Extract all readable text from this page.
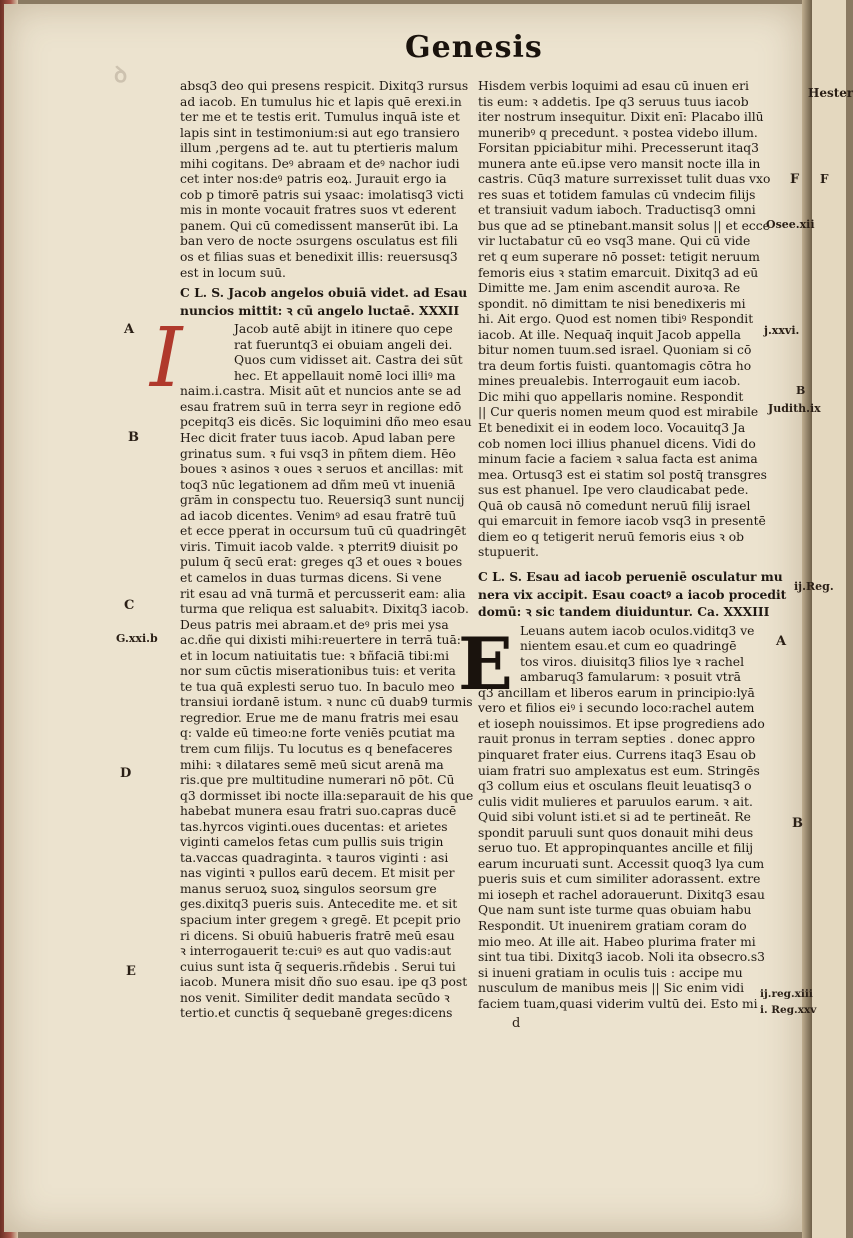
ꝺ
Hester
F
Genesis

absq3 deo qui presens respicit. Dixitq3 rursus

ad iacob. En tumulus hic et lapis quē erexi.in

ter me et te testis erit. Tumulus inquā iste et

lapis sint in testimonium:si aut ego transiero

illum ,pergens ad te. aut tu ptertieris malum

mihi cogitans. Deꝰ abraam et deꝰ nachor iudi

cet inter nos:deꝰ patris eoꝝ. Jurauit ergo ia

cob p timorē patris sui ysaac: imolatisq3 victi

mis in monte vocauit fratres suos vt ederent

panem. Qui cū comedissent manserūt ibi. La

ban vero de nocte ɔsurgens osculatus est fili

os et filias suas et benedixit illis: reuersusq3

est in locum suū.

C L. S. Jacob angelos obuiā videt. ad Esau

nuncios mittit: ꝛ cū angelo luctaē. XXXII

Jacob autē abijt in itinere quo cepe

rat fueruntq3 ei obuiam angeli dei.

Quos cum vidisset ait. Castra dei sūt

hec. Et appellauit nomē loci illiꝰ ma

naim.i.castra. Misit aūt et nuncios ante se ad

esau fratrem suū in terra seyr in regione edō

pcepitq3 eis dicēs. Sic loquimini dño meo esau

Hec dicit frater tuus iacob. Apud laban pere

grinatus sum. ꝛ fui vsq3 in pñtem diem. Hēo

boues ꝛ asinos ꝛ oues ꝛ seruos et ancillas: mit

toq3 nūc legationem ad dñm meū vt inueniā

grām in conspectu tuo. Reuersiq3 sunt nuncij

ad iacob dicentes. Venimꝰ ad esau fratrē tuū

et ecce pperat in occursum tuū cū quadringēt

viris. Timuit iacob valde. ꝛ pterrit9 diuisit po

pulum q̄ secū erat: greges q3 et oues ꝛ boues

et camelos in duas turmas dicens. Si vene

rit esau ad vnā turmā et percusserit eam: alia

turma que reliqua est saluabitꝛ. Dixitq3 iacob.

Deus patris mei abraam.et deꝰ pris mei ysa

ac.dñe qui dixisti mihi:reuertere in terrā tuā:

et in locum natiuitatis tue: ꝛ bñfaciā tibi:mi

nor sum cūctis miserationibus tuis: et verita

te tua quā explesti seruo tuo. In baculo meo

transiui iordanē istum. ꝛ nunc cū duab9 turmis

regredior. Erue me de manu fratris mei esau

q: valde eū timeo:ne forte veniēs pcutiat ma

trem cum filijs. Tu locutus es q benefaceres

mihi: ꝛ dilatares semē meū sicut arenā ma

ris.que pre multitudine numerari nō pōt. Cū

q3 dormisset ibi nocte illa:separauit de his que

habebat munera esau fratri suo.capras ducē

tas.hyrcos viginti.oues ducentas: et arietes

viginti camelos fetas cum pullis suis trigin

ta.vaccas quadraginta. ꝛ tauros viginti : asi

nas viginti ꝛ pullos earū decem. Et misit per

manus seruoꝝ suoꝝ singulos seorsum gre

ges.dixitq3 pueris suis. Antecedite me. et sit

spacium inter gregem ꝛ gregē. Et pcepit prio

ri dicens. Si obuiū habueris fratrē meū esau

ꝛ interrogauerit te:cuiꝰ es aut quo vadis:aut

cuius sunt ista q̄ sequeris.rñdebis . Serui tui

iacob. Munera misit dño suo esau. ipe q3 post

nos venit. Similiter dedit mandata secūdo ꝛ

tertio.et cunctis q̄ sequebanē greges:dicens

Hisdem verbis loquimi ad esau cū inuen eri

tis eum: ꝛ addetis. Ipe q3 seruus tuus iacob

iter nostrum insequitur. Dixit enī: Placabo illū

muneribꝰ q precedunt. ꝛ postea videbo illum.

Forsitan ppiciabitur mihi. Precesserunt itaq3

munera ante eū.ipse vero mansit nocte illa in

castris. Cūq3 mature surrexisset tulit duas vxo

res suas et totidem famulas cū vndecim filijs

et transiuit vadum iaboch. Traductisq3 omni

bus que ad se ptinebant.mansit solus || et ecce

vir luctabatur cū eo vsq3 mane. Qui cū vide

ret q eum superare nō posset: tetigit neruum

femoris eius ꝛ statim emarcuit. Dixitq3 ad eū

Dimitte me. Jam enim ascendit auroꝛa. Re

spondit. nō dimittam te nisi benedixeris mi

hi. Ait ergo. Quod est nomen tibiꝰ Respondit

iacob. At ille. Nequaq̄ inquit Jacob appella

bitur nomen tuum.sed israel. Quoniam si cō

tra deum fortis fuisti. quantomagis cōtra ho

mines preualebis. Interrogauit eum iacob.

Dic mihi quo appellaris nomine. Respondit

|| Cur queris nomen meum quod est mirabile

Et benedixit ei in eodem loco. Vocauitq3 Ja

cob nomen loci illius phanuel dicens. Vidi do

minum facie a faciem ꝛ salua facta est anima

mea. Ortusq3 est ei statim sol postq̄ transgres

sus est phanuel. Ipe vero claudicabat pede.

Quā ob causā nō comedunt neruū filij israel

qui emarcuit in femore iacob vsq3 in presentē

diem eo q tetigerit neruū femoris eius ꝛ ob

stupuerit.

C L. S. Esau ad iacob perueniē osculatur mu

nera vix accipit. Esau coactꝰ a iacob procedit

domū: ꝛ sic tandem diuiduntur. Ca. XXXIII

Leuans autem iacob oculos.viditq3 ve

nientem esau.et cum eo quadringē

tos viros. diuisitq3 filios lye ꝛ rachel

ambaruq3 famularum: ꝛ posuit vtrā

q3 ancillam et liberos earum in principio:lyā

vero et filios eiꝰ i secundo loco:rachel autem

et ioseph nouissimos. Et ipse progrediens ado

rauit pronus in terram septies . donec appro

pinquaret frater eius. Currens itaq3 Esau ob

uiam fratri suo amplexatus est eum. Stringēs

q3 collum eius et osculans fleuit leuatisq3 o

culis vidit mulieres et paruulos earum. ꝛ ait.

Quid sibi volunt isti.et si ad te pertineāt. Re

spondit paruuli sunt quos donauit mihi deus

seruo tuo. Et appropinquantes ancille et filij

earum incuruati sunt. Accessit quoq3 lya cum

pueris suis et cum similiter adorassent. extre

mi ioseph et rachel adorauerunt. Dixitq3 esau

Que nam sunt iste turme quas obuiam habu

Respondit. Ut inuenirem gratiam coram do

mio meo. At ille ait. Habeo plurima frater mi

sint tua tibi. Dixitq3 iacob. Noli ita obsecro.s3

si inueni gratiam in oculis tuis : accipe mu

nusculum de manibus meis || Sic enim vidi

faciem tuam,quasi viderim vultū dei. Esto mi

I
E
A
B
C
G.xxi.b
D
E
Osee.xii
F
j.xxvi.
Judith.ix
B
A
ij.Reg.
B
ij.reg.xiii
i. Reg.xxv
d
